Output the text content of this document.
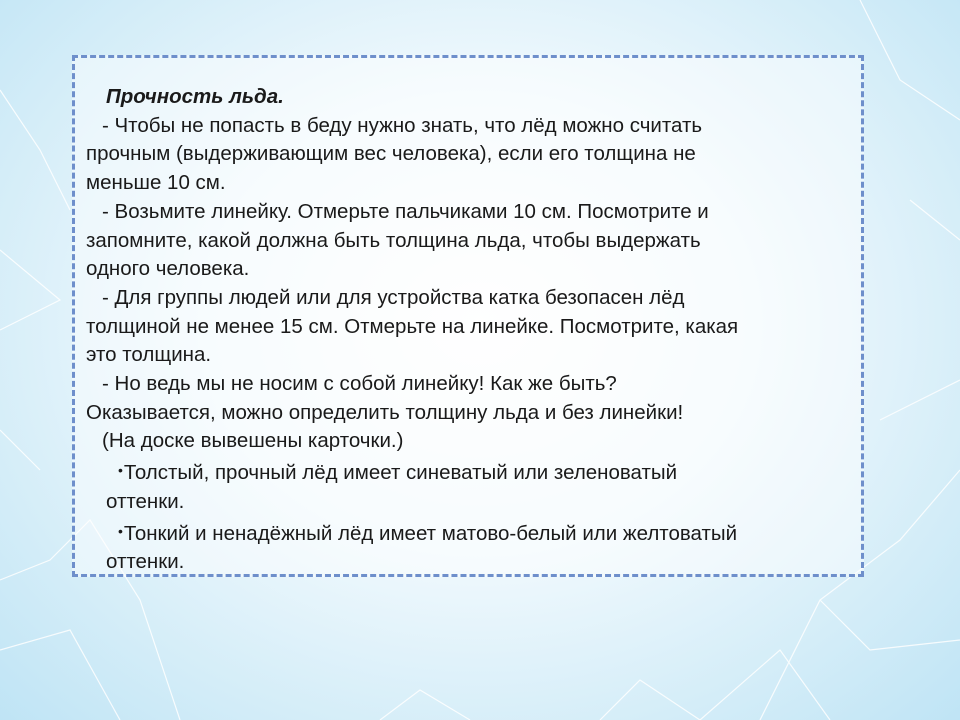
Прочность льда.
- Чтобы не попасть в беду нужно знать, что лёд можно считать
прочным (выдерживающим вес человека), если его толщина не
меньше 10 см.
- Возьмите линейку. Отмерьте пальчиками 10 см. Посмотрите и
запомните, какой должна быть толщина льда, чтобы выдержать
одного человека.
- Для группы людей или для устройства катка безопасен лёд
толщиной не менее 15 см. Отмерьте на линейке. Посмотрите, какая
это толщина.
- Но ведь мы не носим с собой линейку! Как же быть?
Оказывается, можно определить толщину льда и без линейки!
(На доске вывешены карточки.)
•Толстый, прочный лёд имеет синеватый или зеленоватый
оттенки.
•Тонкий и ненадёжный лёд имеет матово-белый или желтоватый
оттенки.
